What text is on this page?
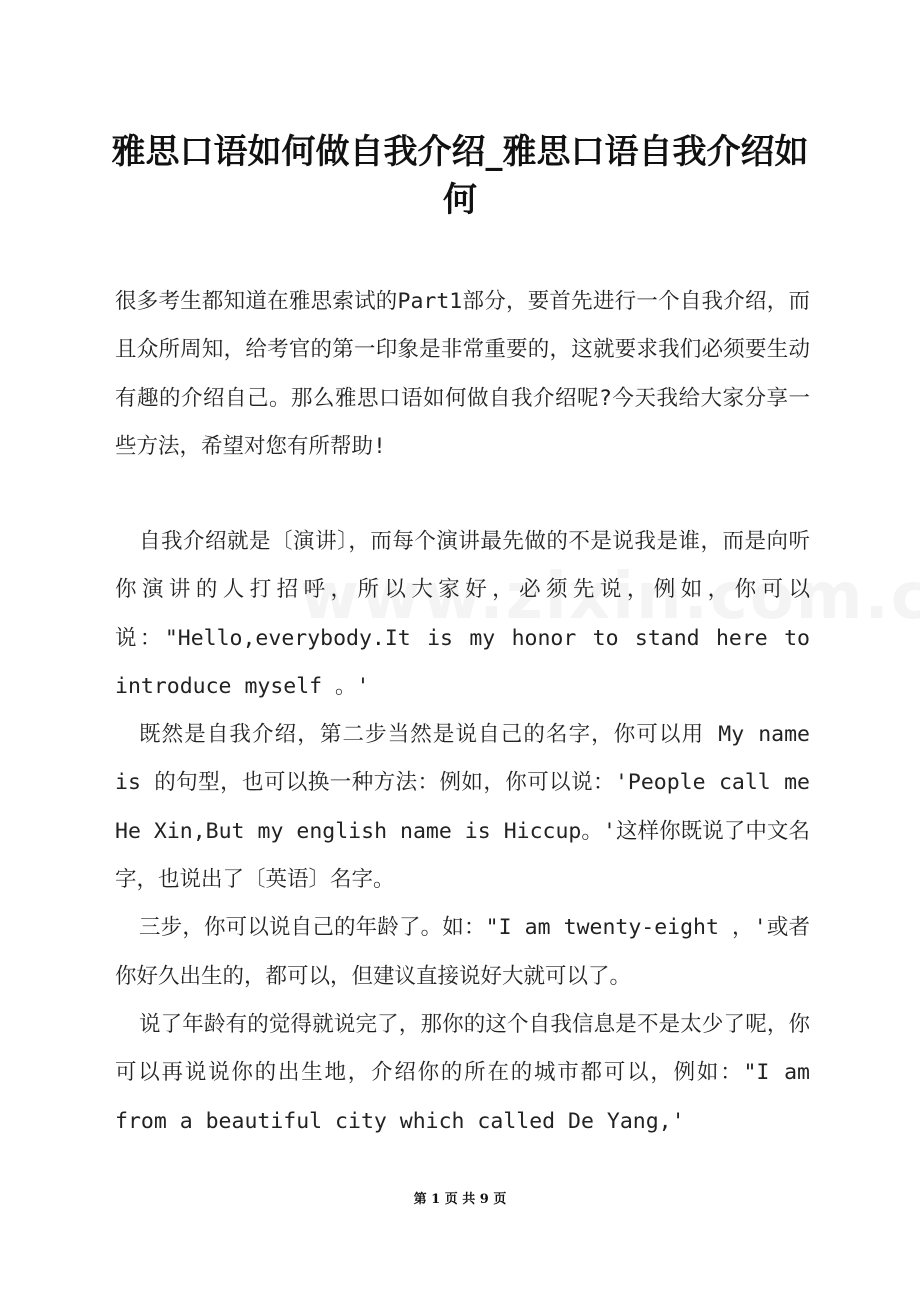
雅思口语如何做自我介绍_雅思口语自我介绍如何

很多考生都知道在雅思索试的Part1部分，要首先进行一个自我介绍，而且众所周知，给考官的第一印象是非常重要的，这就要求我们必须要生动有趣的介绍自己。那么雅思口语如何做自我介绍呢?今天我给大家分享一些方法，希望对您有所帮助!

自我介绍就是〔演讲〕，而每个演讲最先做的不是说我是谁，而是向听你演讲的人打招呼，所以大家好，必须先说，例如，你可以说："Hello,everybody.It is my honor to stand here to introduce myself 。'

既然是自我介绍，第二步当然是说自己的名字，你可以用 My name is 的句型，也可以换一种方法：例如，你可以说：'People call me He Xin,But my english name is Hiccup。'这样你既说了中文名字，也说出了〔英语〕名字。

三步，你可以说自己的年龄了。如："I am twenty-eight ，'或者你好久出生的，都可以，但建议直接说好大就可以了。

说了年龄有的觉得就说完了，那你的这个自我信息是不是太少了呢，你可以再说说你的出生地，介绍你的所在的城市都可以，例如："I am from a beautiful city which called De Yang,'

第 1 页 共 9 页
